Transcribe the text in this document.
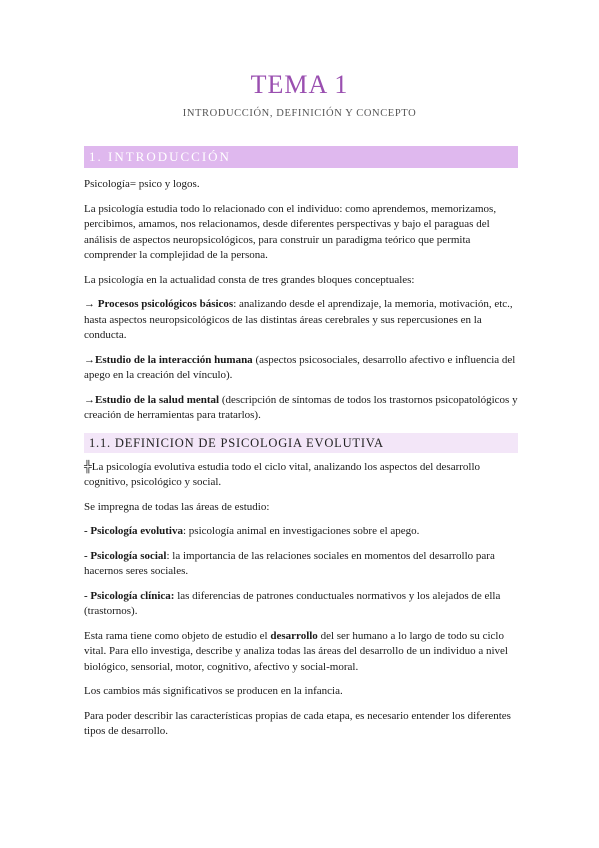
TEMA 1
INTRODUCCIÓN, DEFINICIÓN Y CONCEPTO
1. INTRODUCCIÓN

Psicología= psico y logos.

La psicología estudia todo lo relacionado con el individuo: como aprendemos, memorizamos, percibimos, amamos, nos relacionamos, desde diferentes perspectivas y bajo el paraguas del análisis de aspectos neuropsicológicos, para construir un paradigma teórico que permita comprender la complejidad de la persona.

La psicología en la actualidad consta de tres grandes bloques conceptuales:

→ Procesos psicológicos básicos: analizando desde el aprendizaje, la memoria, motivación, etc., hasta aspectos neuropsicológicos de las distintas áreas cerebrales y sus repercusiones en la conducta.

→Estudio de la interacción humana (aspectos psicosociales, desarrollo afectivo e influencia del apego en la creación del vínculo).

→Estudio de la salud mental (descripción de síntomas de todos los trastornos psicopatológicos y creación de herramientas para tratarlos).

1.1. DEFINICION DE PSICOLOGIA EVOLUTIVA

╬La psicología evolutiva estudia todo el ciclo vital, analizando los aspectos del desarrollo cognitivo, psicológico y social.

Se impregna de todas las áreas de estudio:

- Psicología evolutiva: psicología animal en investigaciones sobre el apego.

- Psicología social: la importancia de las relaciones sociales en momentos del desarrollo para hacernos seres sociales.

- Psicología clínica: las diferencias de patrones conductuales normativos y los alejados de ella (trastornos).

Esta rama tiene como objeto de estudio el desarrollo del ser humano a lo largo de todo su ciclo vital. Para ello investiga, describe y analiza todas las áreas del desarrollo de un individuo a nivel biológico, sensorial, motor, cognitivo, afectivo y social-moral.

Los cambios más significativos se producen en la infancia.

Para poder describir las características propias de cada etapa, es necesario entender los diferentes tipos de desarrollo.
